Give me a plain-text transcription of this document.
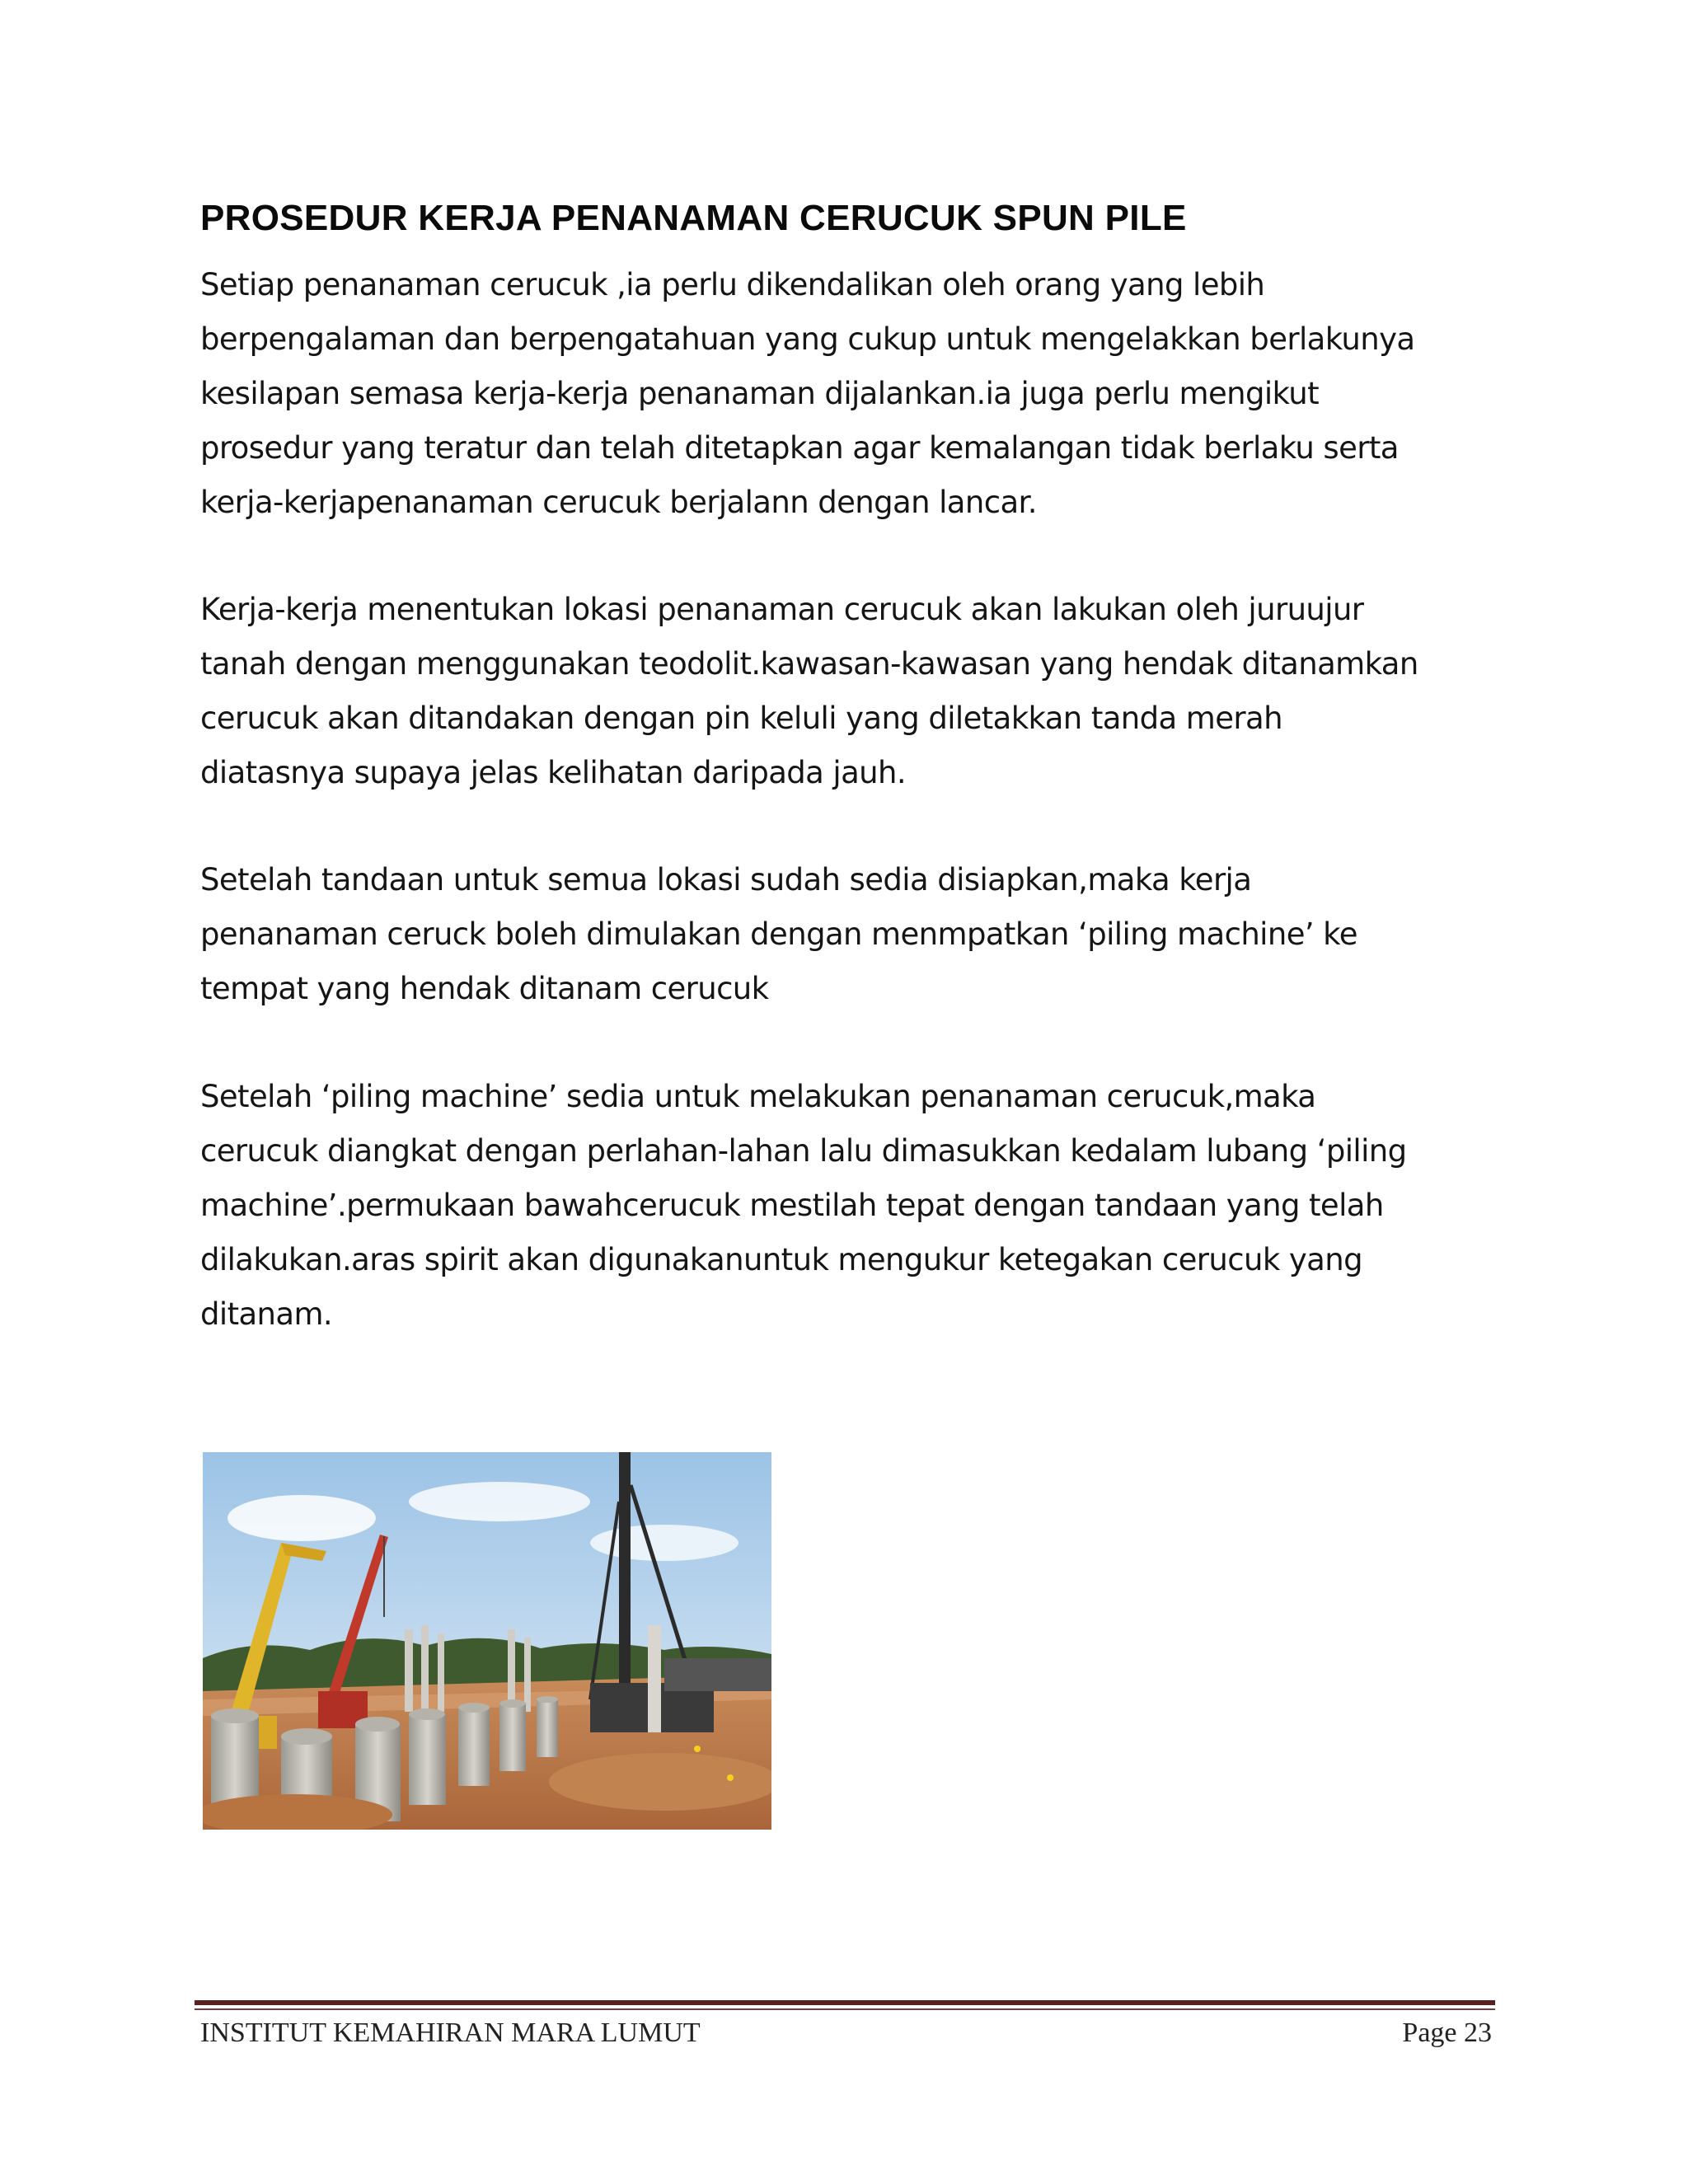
PROSEDUR KERJA PENANAMAN CERUCUK SPUN PILE
Setiap penanaman cerucuk ,ia perlu dikendalikan oleh orang yang lebih
berpengalaman dan berpengatahuan yang cukup untuk mengelakkan berlakunya
kesilapan semasa kerja-kerja penanaman dijalankan.ia juga perlu mengikut
prosedur yang teratur dan telah ditetapkan agar kemalangan tidak berlaku serta
kerja-kerjapenanaman cerucuk berjalann dengan lancar.
Kerja-kerja menentukan lokasi penanaman cerucuk akan lakukan oleh juruujur
tanah dengan menggunakan teodolit.kawasan-kawasan yang hendak ditanamkan
cerucuk akan ditandakan dengan pin keluli yang diletakkan tanda merah
diatasnya supaya jelas kelihatan daripada jauh.
Setelah tandaan untuk semua lokasi sudah sedia disiapkan,maka kerja
penanaman ceruck boleh dimulakan dengan menmpatkan ‘piling machine’ ke
tempat yang hendak ditanam cerucuk
Setelah ‘piling machine’ sedia untuk melakukan penanaman cerucuk,maka
cerucuk diangkat dengan perlahan-lahan lalu dimasukkan kedalam lubang ‘piling
machine’.permukaan bawahcerucuk mestilah tepat dengan tandaan yang telah
dilakukan.aras spirit akan digunakanuntuk mengukur ketegakan cerucuk yang
ditanam.
INSTITUT KEMAHIRAN MARA LUMUT	Page 23
